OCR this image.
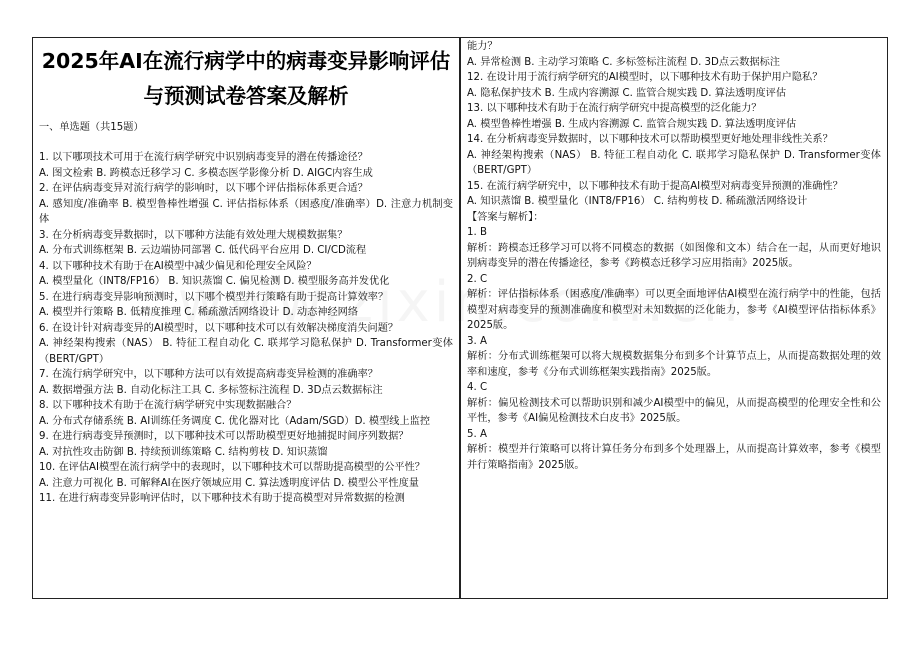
2025年AI在流行病学中的病毒变异影响评估与预测试卷答案及解析
一、单选题（共15题）

1. 以下哪项技术可用于在流行病学研究中识别病毒变异的潜在传播途径？

A. 图文检索 B. 跨模态迁移学习 C. 多模态医学影像分析 D. AIGC内容生成

2. 在评估病毒变异对流行病学的影响时，以下哪个评估指标体系更合适？

A. 感知度/准确率 B. 模型鲁棒性增强 C. 评估指标体系（困惑度/准确率）D. 注意力机制变体

3. 在分析病毒变异数据时，以下哪种方法能有效处理大规模数据集？

A. 分布式训练框架 B. 云边端协同部署 C. 低代码平台应用 D. CI/CD流程

4. 以下哪种技术有助于在AI模型中减少偏见和伦理安全风险？

A. 模型量化（INT8/FP16） B. 知识蒸馏 C. 偏见检测 D. 模型服务高并发优化

5. 在进行病毒变异影响预测时，以下哪个模型并行策略有助于提高计算效率？

A. 模型并行策略 B. 低精度推理 C. 稀疏激活网络设计 D. 动态神经网络

6. 在设计针对病毒变异的AI模型时，以下哪种技术可以有效解决梯度消失问题？

A. 神经架构搜索（NAS） B. 特征工程自动化 C. 联邦学习隐私保护 D. Transformer变体（BERT/GPT）

7. 在流行病学研究中，以下哪种方法可以有效提高病毒变异检测的准确率？

A. 数据增强方法 B. 自动化标注工具 C. 多标签标注流程 D. 3D点云数据标注

8. 以下哪种技术有助于在流行病学研究中实现数据融合？

A. 分布式存储系统 B. AI训练任务调度 C. 优化器对比（Adam/SGD）D. 模型线上监控

9. 在进行病毒变异预测时，以下哪种技术可以帮助模型更好地捕捉时间序列数据？

A. 对抗性攻击防御 B. 持续预训练策略 C. 结构剪枝 D. 知识蒸馏

10. 在评估AI模型在流行病学中的表现时，以下哪种技术可以帮助提高模型的公平性？

A. 注意力可视化 B. 可解释AI在医疗领域应用 C. 算法透明度评估 D. 模型公平性度量

11. 在进行病毒变异影响评估时，以下哪种技术有助于提高模型对异常数据的检测

能力？

A. 异常检测 B. 主动学习策略 C. 多标签标注流程 D. 3D点云数据标注

12. 在设计用于流行病学研究的AI模型时，以下哪种技术有助于保护用户隐私？

A. 隐私保护技术 B. 生成内容溯源 C. 监管合规实践 D. 算法透明度评估

13. 以下哪种技术有助于在流行病学研究中提高模型的泛化能力？

A. 模型鲁棒性增强 B. 生成内容溯源 C. 监管合规实践 D. 算法透明度评估

14. 在分析病毒变异数据时，以下哪种技术可以帮助模型更好地处理非线性关系？

A. 神经架构搜索（NAS） B. 特征工程自动化 C. 联邦学习隐私保护 D. Transformer变体（BERT/GPT）

15. 在流行病学研究中，以下哪种技术有助于提高AI模型对病毒变异预测的准确性？

A. 知识蒸馏 B. 模型量化（INT8/FP16） C. 结构剪枝 D. 稀疏激活网络设计

【答案与解析】：

1. B

解析：跨模态迁移学习可以将不同模态的数据（如图像和文本）结合在一起，从而更好地识别病毒变异的潜在传播途径，参考《跨模态迁移学习应用指南》2025版。

2. C

解析：评估指标体系（困惑度/准确率）可以更全面地评估AI模型在流行病学中的性能，包括模型对病毒变异的预测准确度和模型对未知数据的泛化能力，参考《AI模型评估指标体系》2025版。

3. A

解析：分布式训练框架可以将大规模数据集分布到多个计算节点上，从而提高数据处理的效率和速度，参考《分布式训练框架实践指南》2025版。

4. C

解析：偏见检测技术可以帮助识别和减少AI模型中的偏见，从而提高模型的伦理安全性和公平性，参考《AI偏见检测技术白皮书》2025版。

5. A

解析：模型并行策略可以将计算任务分布到多个处理器上，从而提高计算效率，参考《模型并行策略指南》2025版。
